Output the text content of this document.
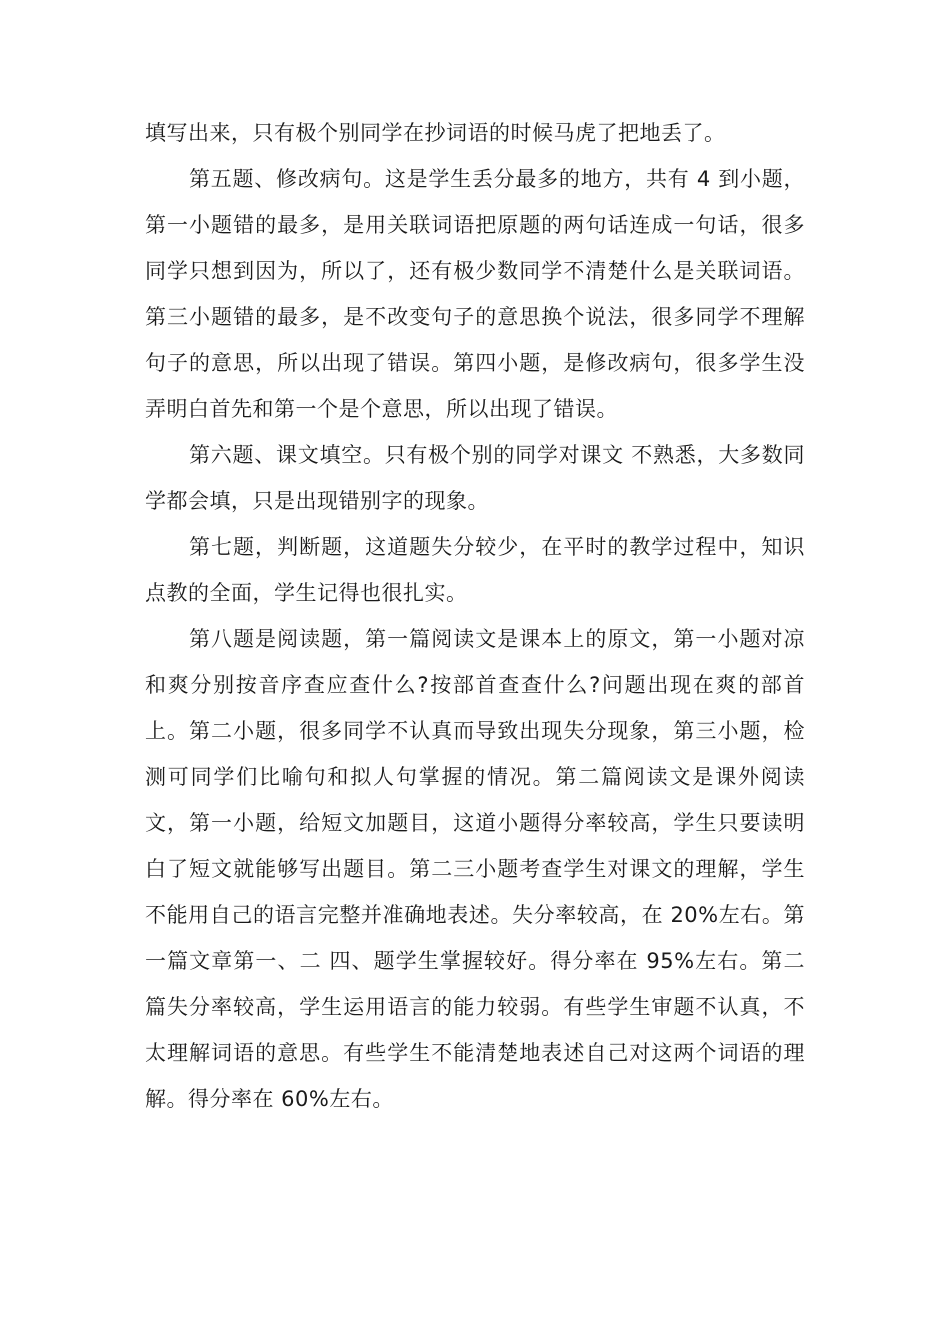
填写出来，只有极个别同学在抄词语的时候马虎了把地丢了。

第五题、修改病句。这是学生丢分最多的地方，共有 4 到小题，第一小题错的最多，是用关联词语把原题的两句话连成一句话，很多同学只想到因为，所以了，还有极少数同学不清楚什么是关联词语。第三小题错的最多，是不改变句子的意思换个说法，很多同学不理解句子的意思，所以出现了错误。第四小题，是修改病句，很多学生没弄明白首先和第一个是个意思，所以出现了错误。

第六题、课文填空。只有极个别的同学对课文 不熟悉，大多数同学都会填，只是出现错别字的现象。

第七题，判断题，这道题失分较少，在平时的教学过程中，知识点教的全面，学生记得也很扎实。

第八题是阅读题，第一篇阅读文是课本上的原文，第一小题对凉和爽分别按音序查应查什么?按部首查查什么?问题出现在爽的部首上。第二小题，很多同学不认真而导致出现失分现象，第三小题，检测可同学们比喻句和拟人句掌握的情况。第二篇阅读文是课外阅读文，第一小题，给短文加题目，这道小题得分率较高，学生只要读明白了短文就能够写出题目。第二三小题考查学生对课文的理解，学生不能用自己的语言完整并准确地表述。失分率较高，在 20%左右。第一篇文章第一、二 四、题学生掌握较好。得分率在 95%左右。第二篇失分率较高，学生运用语言的能力较弱。有些学生审题不认真，不太理解词语的意思。有些学生不能清楚地表述自己对这两个词语的理解。得分率在 60%左右。
